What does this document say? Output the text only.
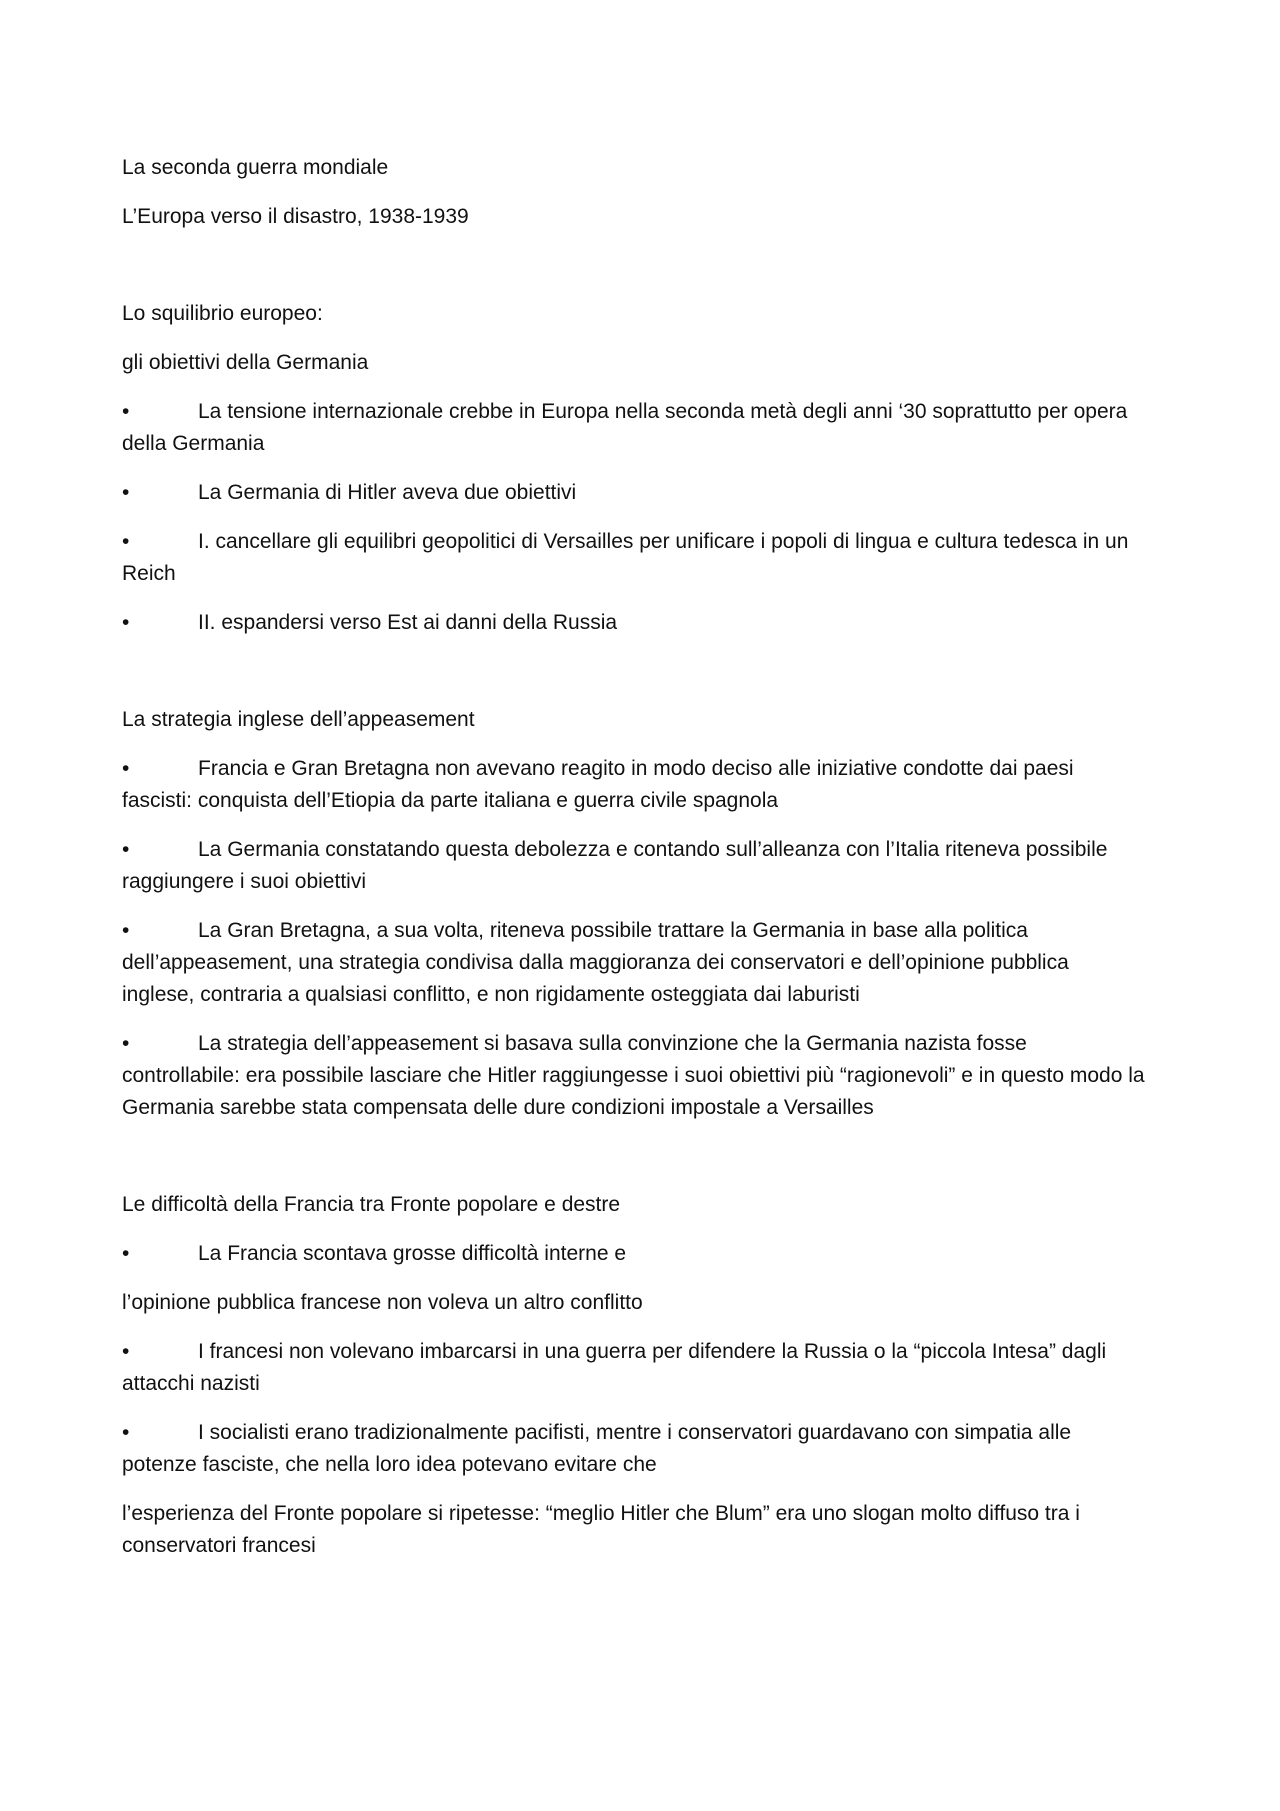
La seconda guerra mondiale

L’Europa verso il disastro, 1938-1939

Lo squilibrio europeo:

gli obiettivi della Germania

•	La tensione internazionale crebbe in Europa nella seconda metà degli anni ‘30 soprattutto per opera della Germania

•	La Germania di Hitler aveva due obiettivi

•	I. cancellare gli equilibri geopolitici di Versailles per unificare i popoli di lingua e cultura tedesca in un Reich

•	II. espandersi verso Est ai danni della Russia

La strategia inglese dell’appeasement

•	Francia e Gran Bretagna non avevano reagito in modo deciso alle iniziative condotte dai paesi fascisti: conquista dell’Etiopia da parte italiana e guerra civile spagnola

•	La Germania constatando questa debolezza e contando sull’alleanza con l’Italia riteneva possibile raggiungere i suoi obiettivi

•	La Gran Bretagna, a sua volta, riteneva possibile trattare la Germania in base alla politica dell’appeasement, una strategia condivisa dalla maggioranza dei conservatori e dell’opinione pubblica inglese, contraria a qualsiasi conflitto, e non rigidamente osteggiata dai laburisti

•	La strategia dell’appeasement si basava sulla convinzione che la Germania nazista fosse controllabile: era possibile lasciare che Hitler raggiungesse i suoi obiettivi più “ragionevoli” e in questo modo la Germania sarebbe stata compensata delle dure condizioni impostale a Versailles

Le difficoltà della Francia tra Fronte popolare e destre

•	La Francia scontava grosse difficoltà interne e

l’opinione pubblica francese non voleva un altro conflitto

•	I francesi non volevano imbarcarsi in una guerra per difendere la Russia o la “piccola Intesa” dagli attacchi nazisti

•	I socialisti erano tradizionalmente pacifisti, mentre i conservatori guardavano con simpatia alle potenze fasciste, che nella loro idea potevano evitare che

l’esperienza del Fronte popolare si ripetesse: “meglio Hitler che Blum” era uno slogan molto diffuso tra i conservatori francesi
